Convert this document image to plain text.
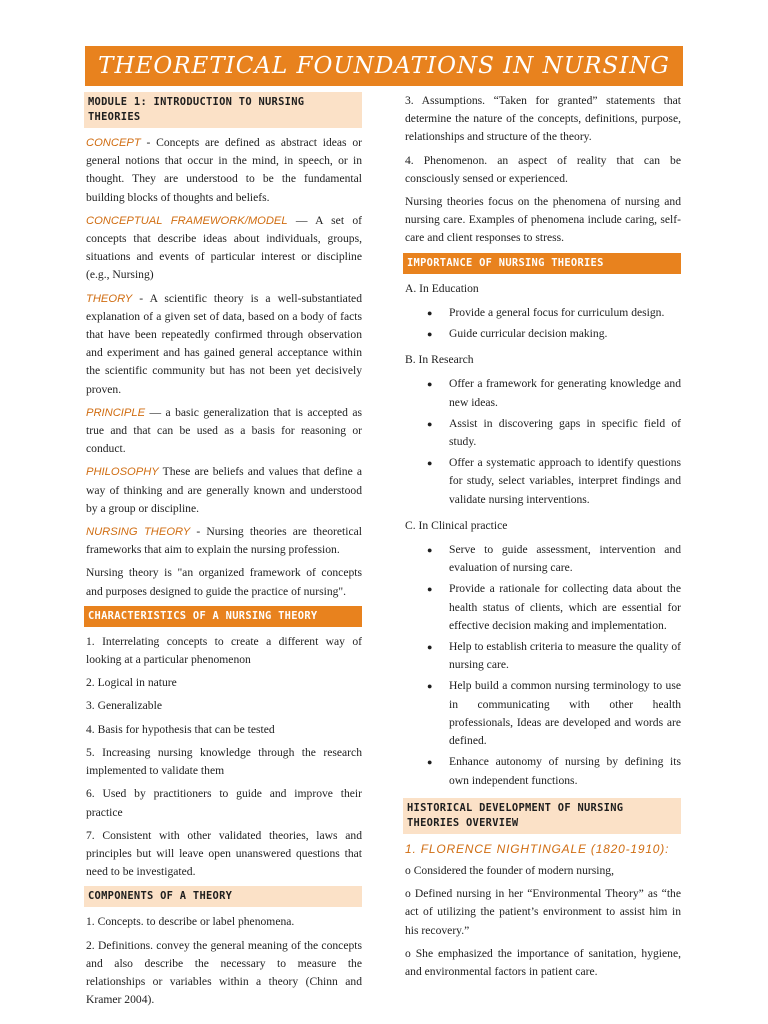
THEORETICAL FOUNDATIONS IN NURSING
MODULE 1: INTRODUCTION TO NURSING THEORIES

CONCEPT - Concepts are defined as abstract ideas or general notions that occur in the mind, in speech, or in thought. They are understood to be the fundamental building blocks of thoughts and beliefs.

CONCEPTUAL FRAMEWORK/MODEL — A set of concepts that describe ideas about individuals, groups, situations and events of particular interest or discipline (e.g., Nursing)

THEORY - A scientific theory is a well-substantiated explanation of a given set of data, based on a body of facts that have been repeatedly confirmed through observation and experiment and has gained general acceptance within the scientific community but has not been yet decisively proven.

PRINCIPLE — a basic generalization that is accepted as true and that can be used as a basis for reasoning or conduct.

PHILOSOPHY These are beliefs and values that define a way of thinking and are generally known and understood by a group or discipline.

NURSING THEORY - Nursing theories are theoretical frameworks that aim to explain the nursing profession.

Nursing theory is "an organized framework of concepts and purposes designed to guide the practice of nursing".

CHARACTERISTICS OF A NURSING THEORY

1. Interrelating concepts to create a different way of looking at a particular phenomenon

2. Logical in nature

3. Generalizable

4. Basis for hypothesis that can be tested

5. Increasing nursing knowledge through the research implemented to validate them

6. Used by practitioners to guide and improve their practice

7. Consistent with other validated theories, laws and principles but will leave open unanswered questions that need to be investigated.

COMPONENTS OF A THEORY

1. Concepts. to describe or label phenomena.

2. Definitions. convey the general meaning of the concepts and also describe the necessary to measure the relationships or variables within a theory (Chinn and Kramer 2004).

3. Assumptions. “Taken for granted” statements that determine the nature of the concepts, definitions, purpose, relationships and structure of the theory.

4. Phenomenon. an aspect of reality that can be consciously sensed or experienced.

Nursing theories focus on the phenomena of nursing and nursing care. Examples of phenomena include caring, self-care and client responses to stress.

IMPORTANCE OF NURSING THEORIES
A. In Education
● Provide a general focus for curriculum design.
● Guide curricular decision making.
B. In Research
● Offer a framework for generating knowledge and new ideas.
● Assist in discovering gaps in specific field of study.
● Offer a systematic approach to identify questions for study, select variables, interpret findings and validate nursing interventions.
C. In Clinical practice
● Serve to guide assessment, intervention and evaluation of nursing care.
● Provide a rationale for collecting data about the health status of clients, which are essential for effective decision making and implementation.
● Help to establish criteria to measure the quality of nursing care.
● Help build a common nursing terminology to use in communicating with other health professionals, Ideas are developed and words are defined.
● Enhance autonomy of nursing by defining its own independent functions.
HISTORICAL DEVELOPMENT OF NURSING THEORIES OVERVIEW
1. FLORENCE NIGHTINGALE (1820-1910):

o Considered the founder of modern nursing,

o Defined nursing in her “Environmental Theory” as “the act of utilizing the patient’s environment to assist him in his recovery.”

o She emphasized the importance of sanitation, hygiene, and environmental factors in patient care.
